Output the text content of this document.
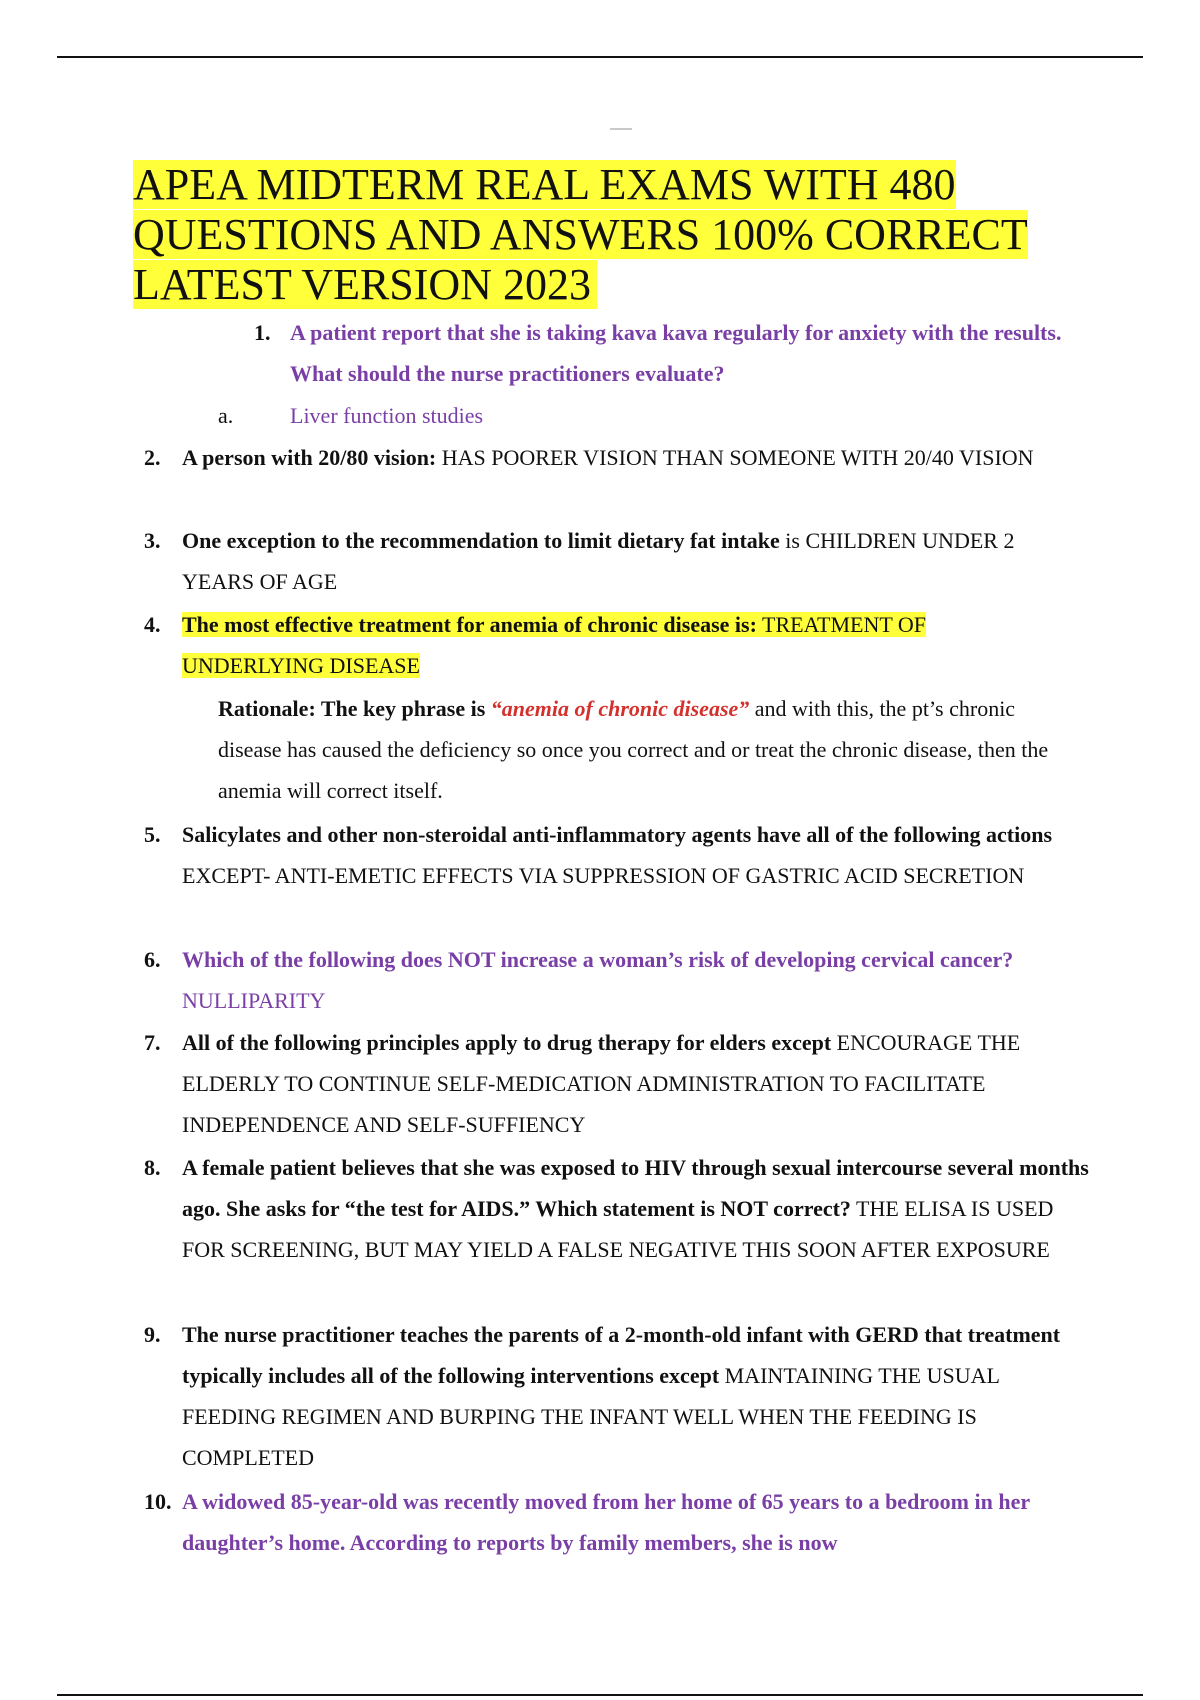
APEA MIDTERM REAL EXAMS WITH 480 QUESTIONS AND ANSWERS 100% CORRECT LATEST VERSION 2023
1. A patient report that she is taking kava kava regularly for anxiety with the results. What should the nurse practitioners evaluate?
a.	Liver function studies
2. A person with 20/80 vision: HAS POORER VISION THAN SOMEONE WITH 20/40 VISION
3. One exception to the recommendation to limit dietary fat intake is CHILDREN UNDER 2 YEARS OF AGE
4. The most effective treatment for anemia of chronic disease is: TREATMENT OF UNDERLYING DISEASE
Rationale: The key phrase is “anemia of chronic disease” and with this, the pt’s chronic disease has caused the deficiency so once you correct and or treat the chronic disease, then the anemia will correct itself.
5. Salicylates and other non-steroidal anti-inflammatory agents have all of the following actions EXCEPT- ANTI-EMETIC EFFECTS VIA SUPPRESSION OF GASTRIC ACID SECRETION
6. Which of the following does NOT increase a woman’s risk of developing cervical cancer? NULLIPARITY
7. All of the following principles apply to drug therapy for elders except ENCOURAGE THE ELDERLY TO CONTINUE SELF-MEDICATION ADMINISTRATION TO FACILITATE INDEPENDENCE AND SELF-SUFFIENCY
8. A female patient believes that she was exposed to HIV through sexual intercourse several months ago. She asks for “the test for AIDS.” Which statement is NOT correct? THE ELISA IS USED FOR SCREENING, BUT MAY YIELD A FALSE NEGATIVE THIS SOON AFTER EXPOSURE
9. The nurse practitioner teaches the parents of a 2-month-old infant with GERD that treatment typically includes all of the following interventions except MAINTAINING THE USUAL FEEDING REGIMEN AND BURPING THE INFANT WELL WHEN THE FEEDING IS COMPLETED
10. A widowed 85-year-old was recently moved from her home of 65 years to a bedroom in her daughter’s home. According to reports by family members, she is now
